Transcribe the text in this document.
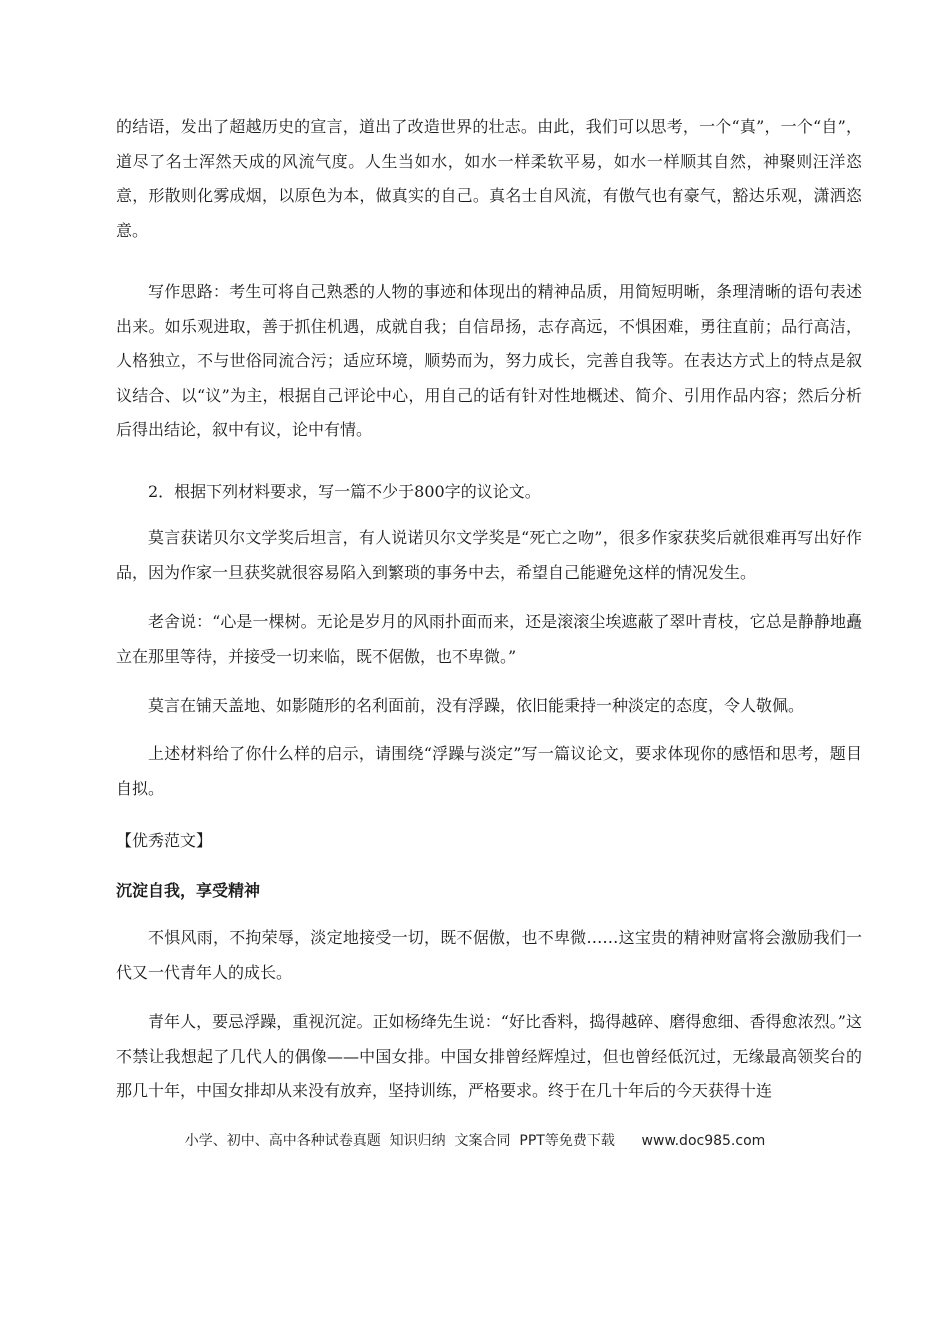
的结语，发出了超越历史的宣言，道出了改造世界的壮志。由此，我们可以思考，一个“真”，一个“自”，道尽了名士浑然天成的风流气度。人生当如水，如水一样柔软平易，如水一样顺其自然，神聚则汪洋恣意，形散则化雾成烟，以原色为本，做真实的自己。真名士自风流，有傲气也有豪气，豁达乐观，潇洒恣意。

写作思路：考生可将自己熟悉的人物的事迹和体现出的精神品质，用简短明晰，条理清晰的语句表述出来。如乐观进取，善于抓住机遇，成就自我；自信昂扬，志存高远，不惧困难，勇往直前；品行高洁，人格独立，不与世俗同流合污；适应环境，顺势而为，努力成长，完善自我等。在表达方式上的特点是叙议结合、以“议”为主，根据自己评论中心，用自己的话有针对性地概述、简介、引用作品内容；然后分析后得出结论，叙中有议，论中有情。

2．根据下列材料要求，写一篇不少于800字的议论文。

莫言获诺贝尔文学奖后坦言，有人说诺贝尔文学奖是“死亡之吻”，很多作家获奖后就很难再写出好作品，因为作家一旦获奖就很容易陷入到繁琐的事务中去，希望自己能避免这样的情况发生。

老舍说：“心是一棵树。无论是岁月的风雨扑面而来，还是滚滚尘埃遮蔽了翠叶青枝，它总是静静地矗立在那里等待，并接受一切来临，既不倨傲，也不卑微。”

莫言在铺天盖地、如影随形的名利面前，没有浮躁，依旧能秉持一种淡定的态度，令人敬佩。

上述材料给了你什么样的启示，请围绕“浮躁与淡定”写一篇议论文，要求体现你的感悟和思考，题目自拟。

【优秀范文】

沉淀自我，享受精神

不惧风雨，不拘荣辱，淡定地接受一切，既不倨傲，也不卑微……这宝贵的精神财富将会激励我们一代又一代青年人的成长。

青年人，要忌浮躁，重视沉淀。正如杨绛先生说：“好比香料，捣得越碎、磨得愈细、香得愈浓烈。”这不禁让我想起了几代人的偶像——中国女排。中国女排曾经辉煌过，但也曾经低沉过，无缘最高领奖台的那几十年，中国女排却从来没有放弃，坚持训练，严格要求。终于在几十年后的今天获得十连

小学、初中、高中各种试卷真题  知识归纳  文案合同  PPT等免费下载      www.doc985.com
